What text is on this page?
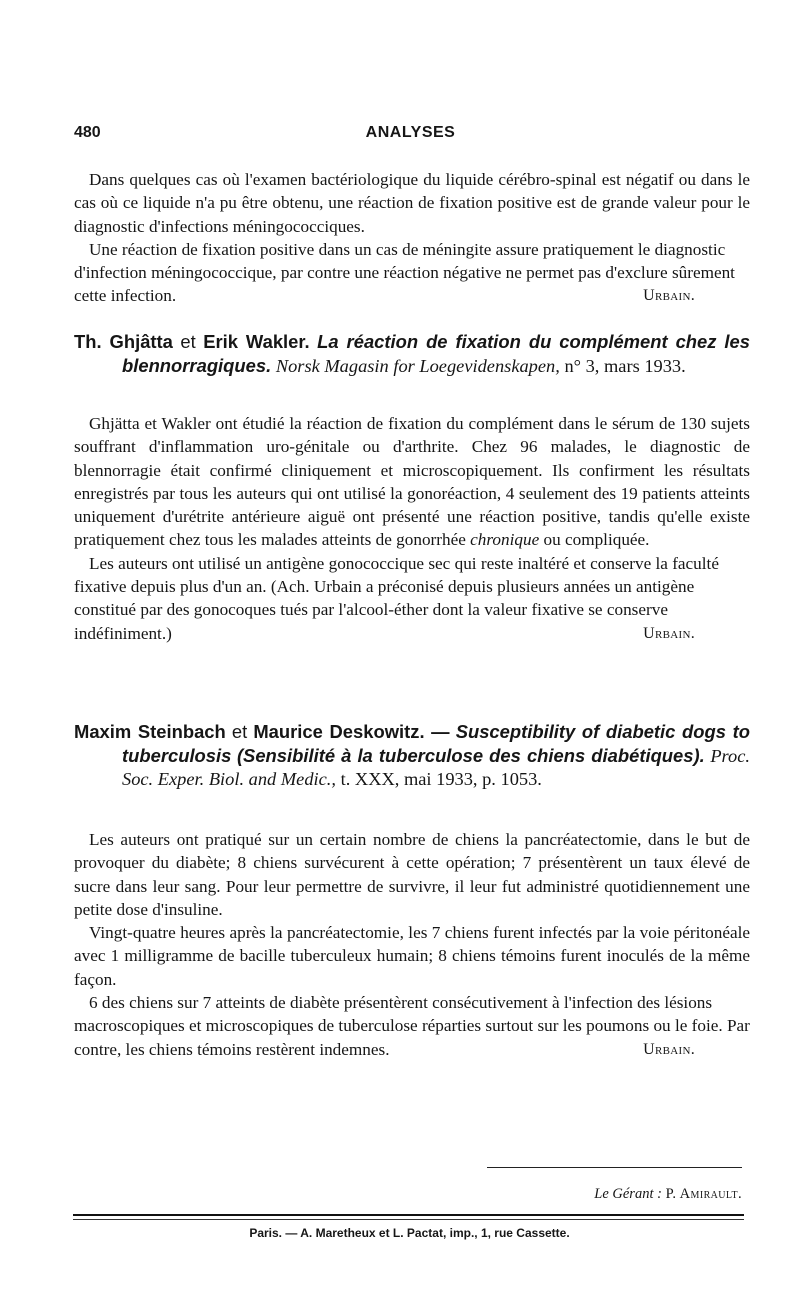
480	ANALYSES

Dans quelques cas où l'examen bactériologique du liquide cérébro-spinal est négatif ou dans le cas où ce liquide n'a pu être obtenu, une réaction de fixation positive est de grande valeur pour le diagnostic d'infections méningococciques.

Une réaction de fixation positive dans un cas de méningite assure pratiquement le diagnostic d'infection méningococcique, par contre une réaction négative ne permet pas d'exclure sûrement cette infection.	Urbain.

Th. Ghjâtta et Erik Wakler. La réaction de fixation du complément chez les blennorragiques. Norsk Magasin for Loegevidenskapen, n° 3, mars 1933.

Ghjätta et Wakler ont étudié la réaction de fixation du complément dans le sérum de 130 sujets souffrant d'inflammation uro-génitale ou d'arthrite. Chez 96 malades, le diagnostic de blennorragie était confirmé cliniquement et microscopiquement. Ils confirment les résultats enregistrés par tous les auteurs qui ont utilisé la gonoréaction, 4 seulement des 19 patients atteints uniquement d'urétrite antérieure aiguë ont présenté une réaction positive, tandis qu'elle existe pratiquement chez tous les malades atteints de gonorrhée chronique ou compliquée.

Les auteurs ont utilisé un antigène gonococcique sec qui reste inaltéré et conserve la faculté fixative depuis plus d'un an. (Ach. Urbain a préconisé depuis plusieurs années un antigène constitué par des gonocoques tués par l'alcool-éther dont la valeur fixative se conserve indéfiniment.)	Urbain.

Maxim Steinbach et Maurice Deskowitz. — Susceptibility of diabetic dogs to tuberculosis (Sensibilité à la tuberculose des chiens diabétiques). Proc. Soc. Exper. Biol. and Medic., t. XXX, mai 1933, p. 1053.

Les auteurs ont pratiqué sur un certain nombre de chiens la pancréatectomie, dans le but de provoquer du diabète; 8 chiens survécurent à cette opération; 7 présentèrent un taux élevé de sucre dans leur sang. Pour leur permettre de survivre, il leur fut administré quotidiennement une petite dose d'insuline.

Vingt-quatre heures après la pancréatectomie, les 7 chiens furent infectés par la voie péritonéale avec 1 milligramme de bacille tuberculeux humain; 8 chiens témoins furent inoculés de la même façon.

6 des chiens sur 7 atteints de diabète présentèrent consécutivement à l'infection des lésions macroscopiques et microscopiques de tuberculose réparties surtout sur les poumons ou le foie. Par contre, les chiens témoins restèrent indemnes.	Urbain.

Le Gérant : P. Amirault.
Paris. — A. Maretheux et L. Pactat, imp., 1, rue Cassette.
